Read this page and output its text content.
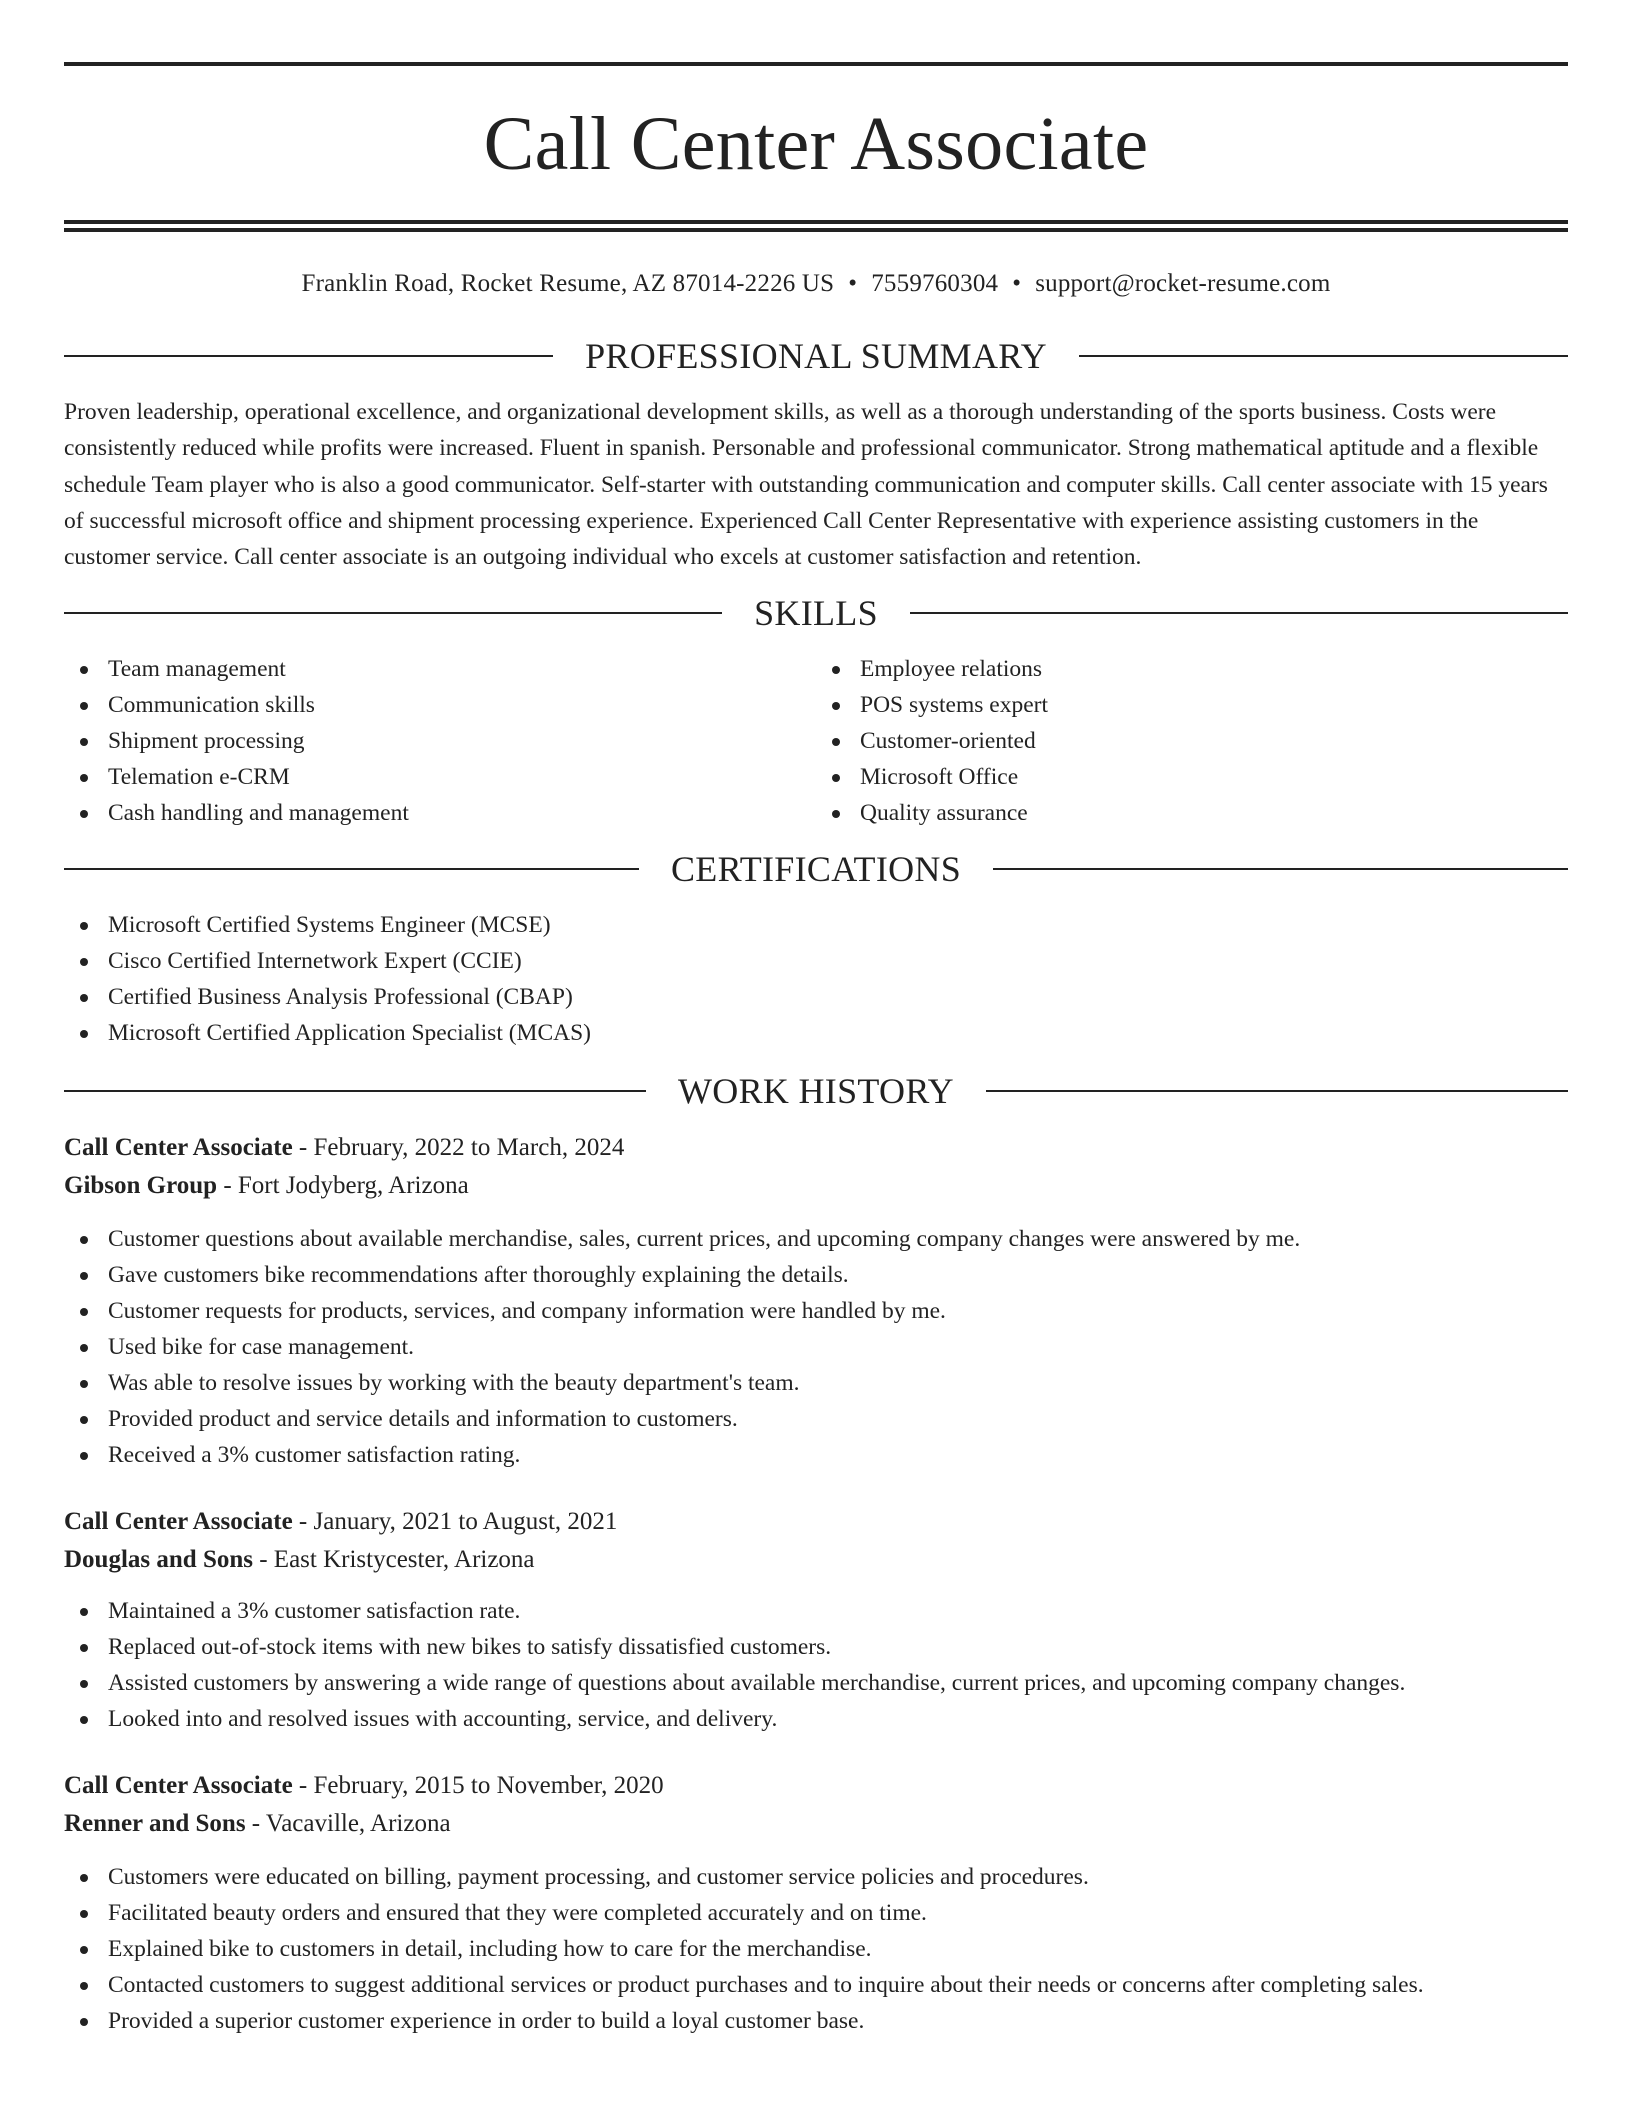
Call Center Associate
Franklin Road, Rocket Resume, AZ 87014-2226 US • 7559760304 • support@rocket-resume.com
PROFESSIONAL SUMMARY

Proven leadership, operational excellence, and organizational development skills, as well as a thorough understanding of the sports business. Costs were consistently reduced while profits were increased. Fluent in spanish. Personable and professional communicator. Strong mathematical aptitude and a flexible schedule Team player who is also a good communicator. Self-starter with outstanding communication and computer skills. Call center associate with 15 years of successful microsoft office and shipment processing experience. Experienced Call Center Representative with experience assisting customers in the customer service. Call center associate is an outgoing individual who excels at customer satisfaction and retention.

SKILLS
Team management
Communication skills
Shipment processing
Telemation e-CRM
Cash handling and management
Employee relations
POS systems expert
Customer-oriented
Microsoft Office
Quality assurance
CERTIFICATIONS
Microsoft Certified Systems Engineer (MCSE)
Cisco Certified Internetwork Expert (CCIE)
Certified Business Analysis Professional (CBAP)
Microsoft Certified Application Specialist (MCAS)
WORK HISTORY
Call Center Associate - February, 2022 to March, 2024
Gibson Group - Fort Jodyberg, Arizona
Customer questions about available merchandise, sales, current prices, and upcoming company changes were answered by me.
Gave customers bike recommendations after thoroughly explaining the details.
Customer requests for products, services, and company information were handled by me.
Used bike for case management.
Was able to resolve issues by working with the beauty department's team.
Provided product and service details and information to customers.
Received a 3% customer satisfaction rating.
Call Center Associate - January, 2021 to August, 2021
Douglas and Sons - East Kristycester, Arizona
Maintained a 3% customer satisfaction rate.
Replaced out-of-stock items with new bikes to satisfy dissatisfied customers.
Assisted customers by answering a wide range of questions about available merchandise, current prices, and upcoming company changes.
Looked into and resolved issues with accounting, service, and delivery.
Call Center Associate - February, 2015 to November, 2020
Renner and Sons - Vacaville, Arizona
Customers were educated on billing, payment processing, and customer service policies and procedures.
Facilitated beauty orders and ensured that they were completed accurately and on time.
Explained bike to customers in detail, including how to care for the merchandise.
Contacted customers to suggest additional services or product purchases and to inquire about their needs or concerns after completing sales.
Provided a superior customer experience in order to build a loyal customer base.
